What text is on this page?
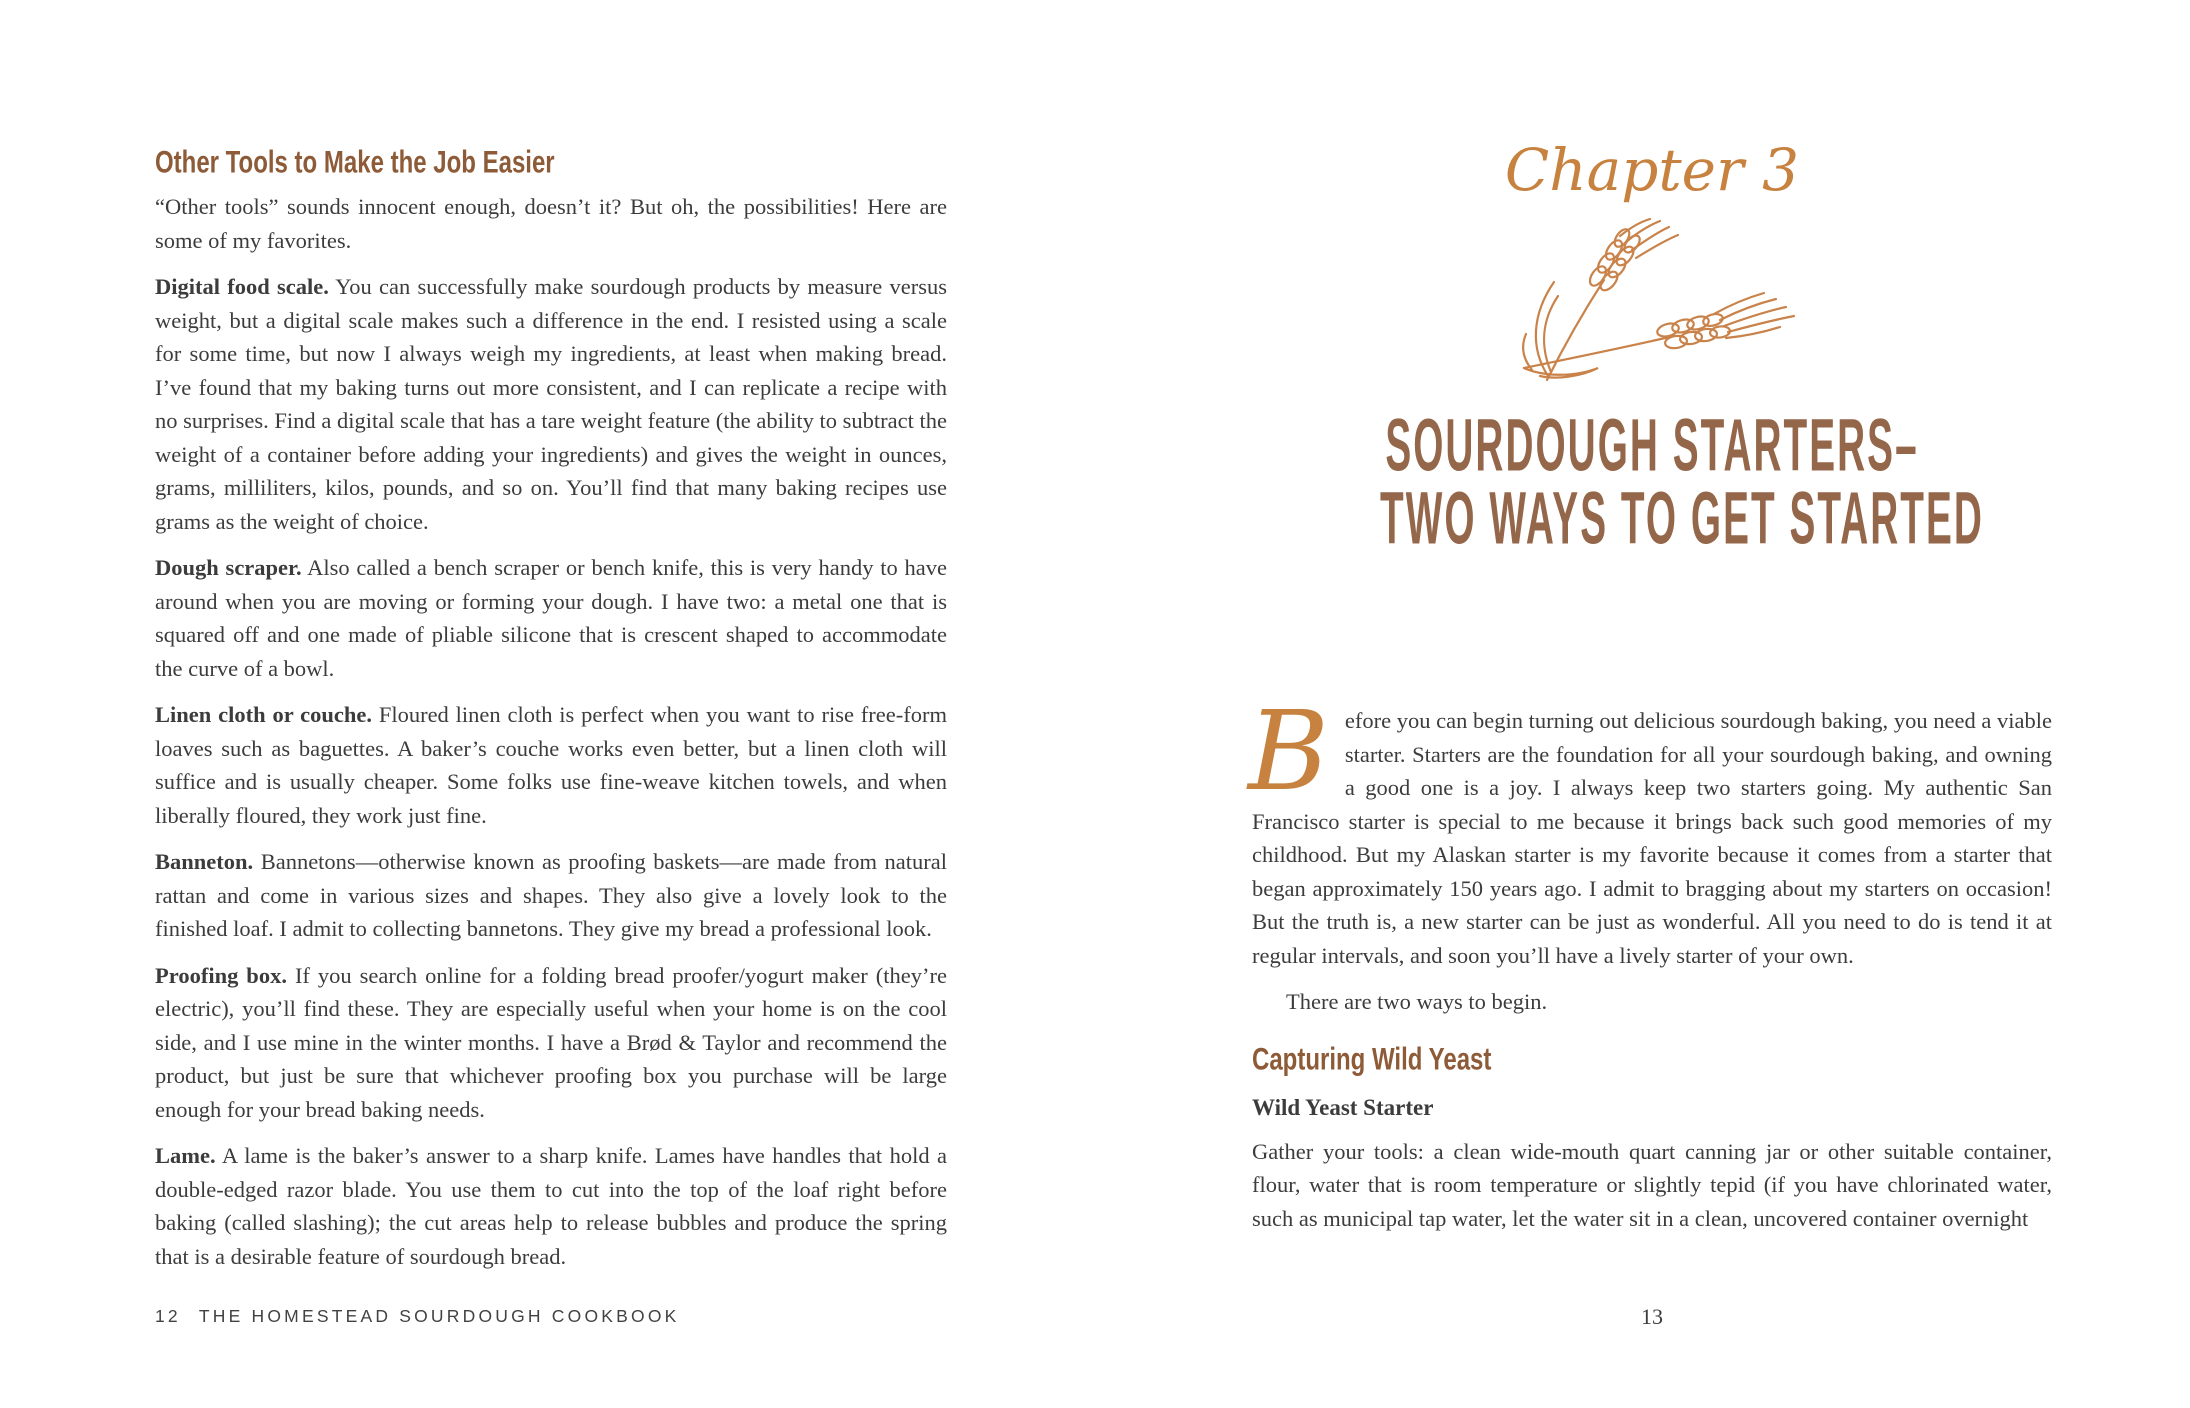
Other Tools to Make the Job Easier

“Other tools” sounds innocent enough, doesn’t it? But oh, the possibilities! Here are some of my favorites.

Digital food scale. You can successfully make sourdough products by measure versus weight, but a digital scale makes such a difference in the end. I resisted using a scale for some time, but now I always weigh my ingredients, at least when making bread. I’ve found that my baking turns out more consistent, and I can replicate a recipe with no surprises. Find a digital scale that has a tare weight feature (the ability to subtract the weight of a container before adding your ingredients) and gives the weight in ounces, grams, milliliters, kilos, pounds, and so on. You’ll find that many baking recipes use grams as the weight of choice.

Dough scraper. Also called a bench scraper or bench knife, this is very handy to have around when you are moving or forming your dough. I have two: a metal one that is squared off and one made of pliable silicone that is crescent shaped to accommodate the curve of a bowl.

Linen cloth or couche. Floured linen cloth is perfect when you want to rise free-form loaves such as baguettes. A baker’s couche works even better, but a linen cloth will suffice and is usually cheaper. Some folks use fine-weave kitchen towels, and when liberally floured, they work just fine.

Banneton. Bannetons—otherwise known as proofing baskets—are made from natural rattan and come in various sizes and shapes. They also give a lovely look to the finished loaf. I admit to collecting bannetons. They give my bread a professional look.

Proofing box. If you search online for a folding bread proofer/yogurt maker (they’re electric), you’ll find these. They are especially useful when your home is on the cool side, and I use mine in the winter months. I have a Brød & Taylor and recommend the product, but just be sure that whichever proofing box you purchase will be large enough for your bread baking needs.

Lame. A lame is the baker’s answer to a sharp knife. Lames have handles that hold a double-edged razor blade. You use them to cut into the top of the loaf right before baking (called slashing); the cut areas help to release bubbles and produce the spring that is a desirable feature of sourdough bread.

12 THE HOMESTEAD SOURDOUGH COOKBOOK
Chapter 3
SOURDOUGH STARTERS–
TWO WAYS TO GET STARTED

Before you can begin turning out delicious sourdough baking, you need a viable starter. Starters are the foundation for all your sourdough baking, and owning a good one is a joy. I always keep two starters going. My authentic San Francisco starter is special to me because it brings back such good memories of my childhood. But my Alaskan starter is my favorite because it comes from a starter that began approximately 150 years ago. I admit to bragging about my starters on occasion! But the truth is, a new starter can be just as wonderful. All you need to do is tend it at regular intervals, and soon you’ll have a lively starter of your own.

There are two ways to begin.

Capturing Wild Yeast
Wild Yeast Starter

Gather your tools: a clean wide-mouth quart canning jar or other suitable container, flour, water that is room temperature or slightly tepid (if you have chlorinated water, such as municipal tap water, let the water sit in a clean, uncovered container overnight

13
